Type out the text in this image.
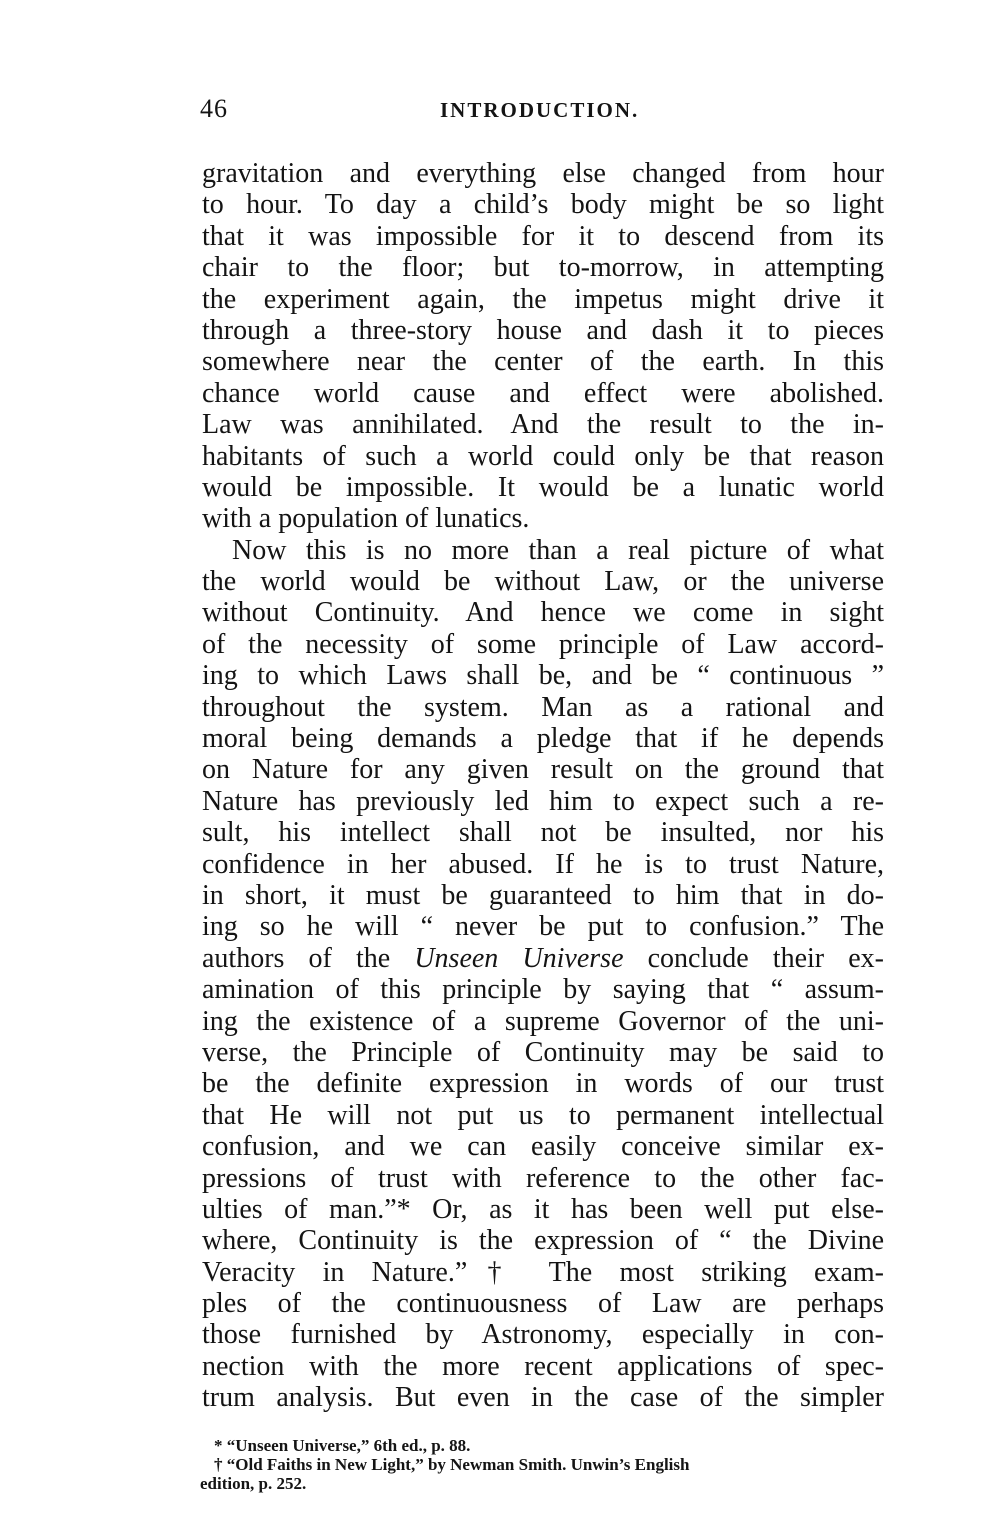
46	INTRODUCTION.
gravitation and everything else changed from hour
to hour. To day a child’s body might be so light
that it was impossible for it to descend from its
chair to the floor; but to-morrow, in attempting
the experiment again, the impetus might drive it
through a three-story house and dash it to pieces
somewhere near the center of the earth. In this
chance world cause and effect were abolished.
Law was annihilated. And the result to the in-
habitants of such a world could only be that reason
would be impossible. It would be a lunatic world
with a population of lunatics.
Now this is no more than a real picture of what
the world would be without Law, or the universe
without Continuity. And hence we come in sight
of the necessity of some principle of Law accord-
ing to which Laws shall be, and be “ continuous ”
throughout the system. Man as a rational and
moral being demands a pledge that if he depends
on Nature for any given result on the ground that
Nature has previously led him to expect such a re-
sult, his intellect shall not be insulted, nor his
confidence in her abused. If he is to trust Nature,
in short, it must be guaranteed to him that in do-
ing so he will “ never be put to confusion.” The
authors of the Unseen Universe conclude their ex-
amination of this principle by saying that “ assum-
ing the existence of a supreme Governor of the uni-
verse, the Principle of Continuity may be said to
be the definite expression in words of our trust
that He will not put us to permanent intellectual
confusion, and we can easily conceive similar ex-
pressions of trust with reference to the other fac-
ulties of man.”* Or, as it has been well put else-
where, Continuity is the expression of “ the Divine
Veracity in Nature.”† The most striking exam-
ples of the continuousness of Law are perhaps
those furnished by Astronomy, especially in con-
nection with the more recent applications of spec-
trum analysis. But even in the case of the simpler
* “Unseen Universe,” 6th ed., p. 88.
† “Old Faiths in New Light,” by Newman Smith. Unwin’s English
edition, p. 252.
